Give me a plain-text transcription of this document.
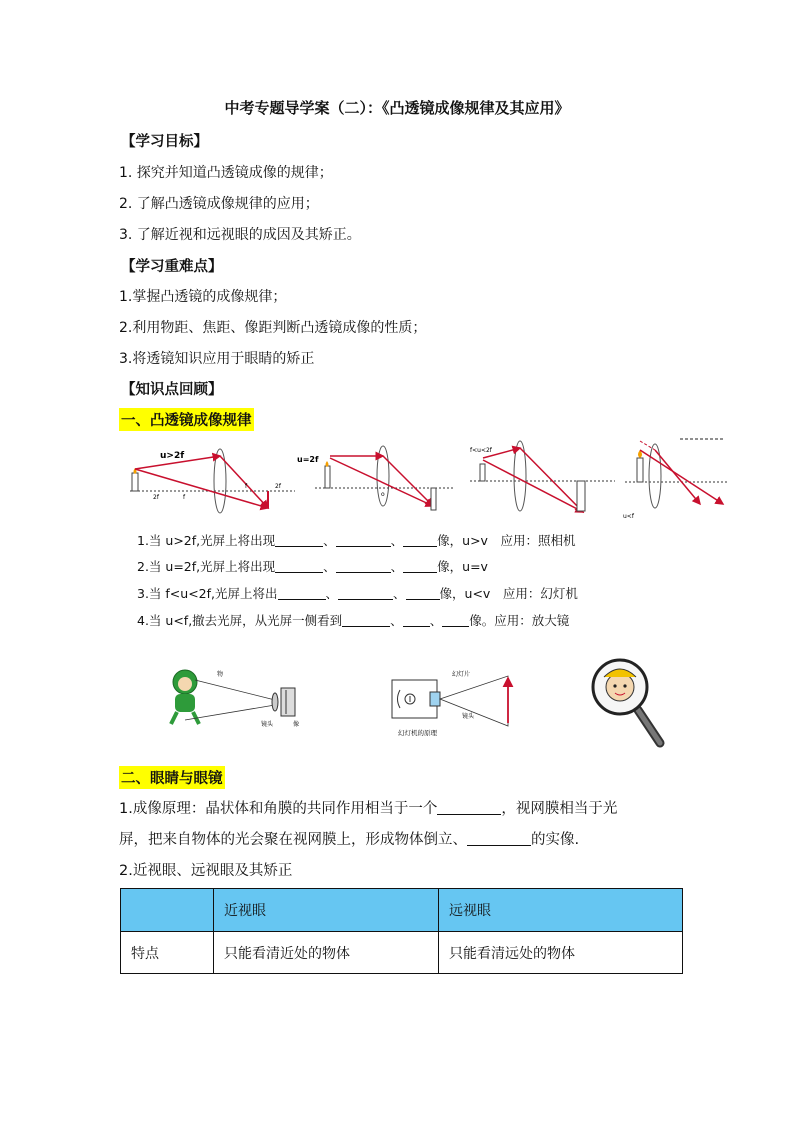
中考专题导学案（二）：《凸透镜成像规律及其应用》
【学习目标】
1. 探究并知道凸透镜成像的规律；
2. 了解凸透镜成像规律的应用；
3. 了解近视和远视眼的成因及其矫正。
【学习重难点】
1.掌握凸透镜的成像规律；
2.利用物距、焦距、像距判断凸透镜成像的性质；
3.将透镜知识应用于眼睛的矫正
【知识点回顾】
一、凸透镜成像规律
u>2f
2f	f
f	2f
u=2f
o
f<u<2f
u<f
1.当 u>2f,光屏上将出现	、	、	像，u>v　应用：照相机
2.当 u=2f,光屏上将出现	、	、	像，u=v
3.当 f<u<2f,光屏上将出	、	、	像，u<v　应用：幻灯机
4.当 u<f,撤去光屏，从光屏一侧看到	、 、 像。应用：放大镜
物
镜头	像
幻灯片
镜头
幻灯机的原理
二、眼睛与眼镜
1.成像原理：晶状体和角膜的共同作用相当于一个	，视网膜相当于光
屏，把来自物体的光会聚在视网膜上，形成物体倒立、	的实像.
2.近视眼、远视眼及其矫正
	近视眼	远视眼
特点	只能看清近处的物体	只能看清远处的物体
